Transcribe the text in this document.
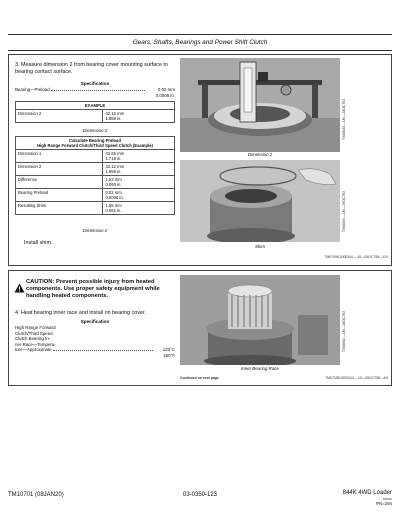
Gears, Shafts, Bearings and Power Shift Clutch
3. Measure dimension 2 from bearing cover mounting surface to bearing contact surface.
Specification
Bearing—Preload	0.02 mm
0.0008 in.
EXAMPLE
Dimension 2	42.12 mm
1.659 in.
Dimension 2
Calculate Bearing Preload
High Range Forward Clutch/Third Speed Clutch (Example)	
Dimension 1	43.65 mm
1.718 in.
Dimension 2	42.12 mm
1.659 in.
Difference	1.53 mm
0.060 in.
Bearing Preload	0.02 mm
0.0008 in.
Resulting Shim	1.55 mm
0.061 in.
Dimension 2
Install shim.
TX68843 —UN—28OCT92
Dimension 2
TX68854 —UN—29OCT92
Shim
TM67098,0000344 —19—05OCT98—X/X
CAUTION: Prevent possible injury from heated components. Use proper safety equipment while handling heated components.
4. Heat bearing inner race and install on bearing cover.
Specification
High Range Forward
Clutch/Third Speed
Clutch Bearing In-
ner Race—Tempera-
ture—Approximate	120°C
250°F
TX68862 —UN—28OCT92
Inner Bearing Race
Continued on next page	TM67098,0000344 —19—05OCT98—4/5
TM10701 (08JAN20)	03-0350-123	844K 4WD Loader
080920
PN=294
